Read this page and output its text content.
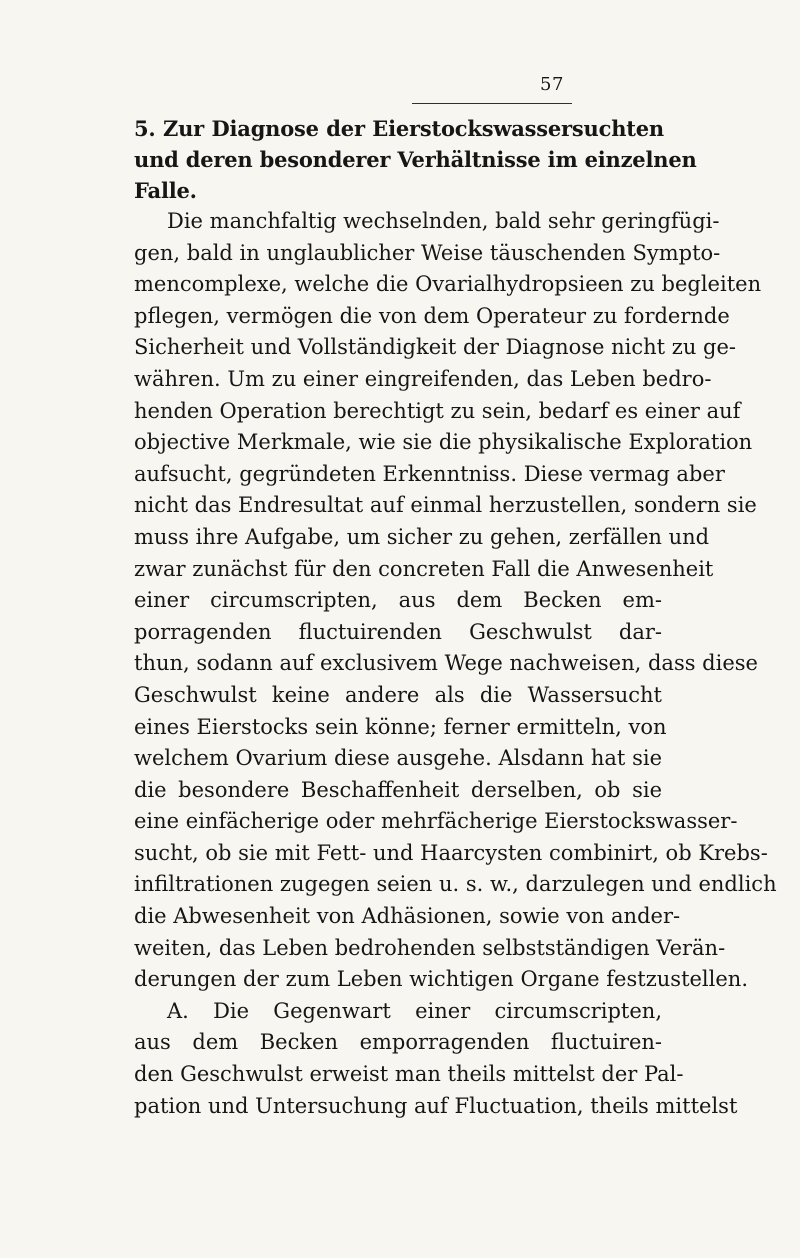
57
5. Zur Diagnose der Eierstockswassersuchten
und deren besonderer Verhältnisse im einzelnen
Falle.
Die manchfaltig wechselnden, bald sehr geringfügi-
gen, bald in unglaublicher Weise täuschenden Sympto-
mencomplexe, welche die Ovarialhydropsieen zu begleiten
pflegen, vermögen die von dem Operateur zu fordernde
Sicherheit und Vollständigkeit der Diagnose nicht zu ge-
währen. Um zu einer eingreifenden, das Leben bedro-
henden Operation berechtigt zu sein, bedarf es einer auf
objective Merkmale, wie sie die physikalische Exploration
aufsucht, gegründeten Erkenntniss. Diese vermag aber
nicht das Endresultat auf einmal herzustellen, sondern sie
muss ihre Aufgabe, um sicher zu gehen, zerfällen und
zwar zunächst für den concreten Fall die Anwesenheit
einer circumscripten, aus dem Becken em-
porragenden fluctuirenden Geschwulst dar-
thun, sodann auf exclusivem Wege nachweisen, dass diese
Geschwulst keine andere als die Wassersucht
eines Eierstocks sein könne; ferner ermitteln, von
welchem Ovarium diese ausgehe. Alsdann hat sie
die besondere Beschaffenheit derselben, ob sie
eine einfächerige oder mehrfächerige Eierstockswasser-
sucht, ob sie mit Fett- und Haarcysten combinirt, ob Krebs-
infiltrationen zugegen seien u. s. w., darzulegen und endlich
die Abwesenheit von Adhäsionen, sowie von ander-
weiten, das Leben bedrohenden selbstständigen Verän-
derungen der zum Leben wichtigen Organe festzustellen.
A. Die Gegenwart einer circumscripten,
aus dem Becken emporragenden fluctuiren-
den Geschwulst erweist man theils mittelst der Pal-
pation und Untersuchung auf Fluctuation, theils mittelst
